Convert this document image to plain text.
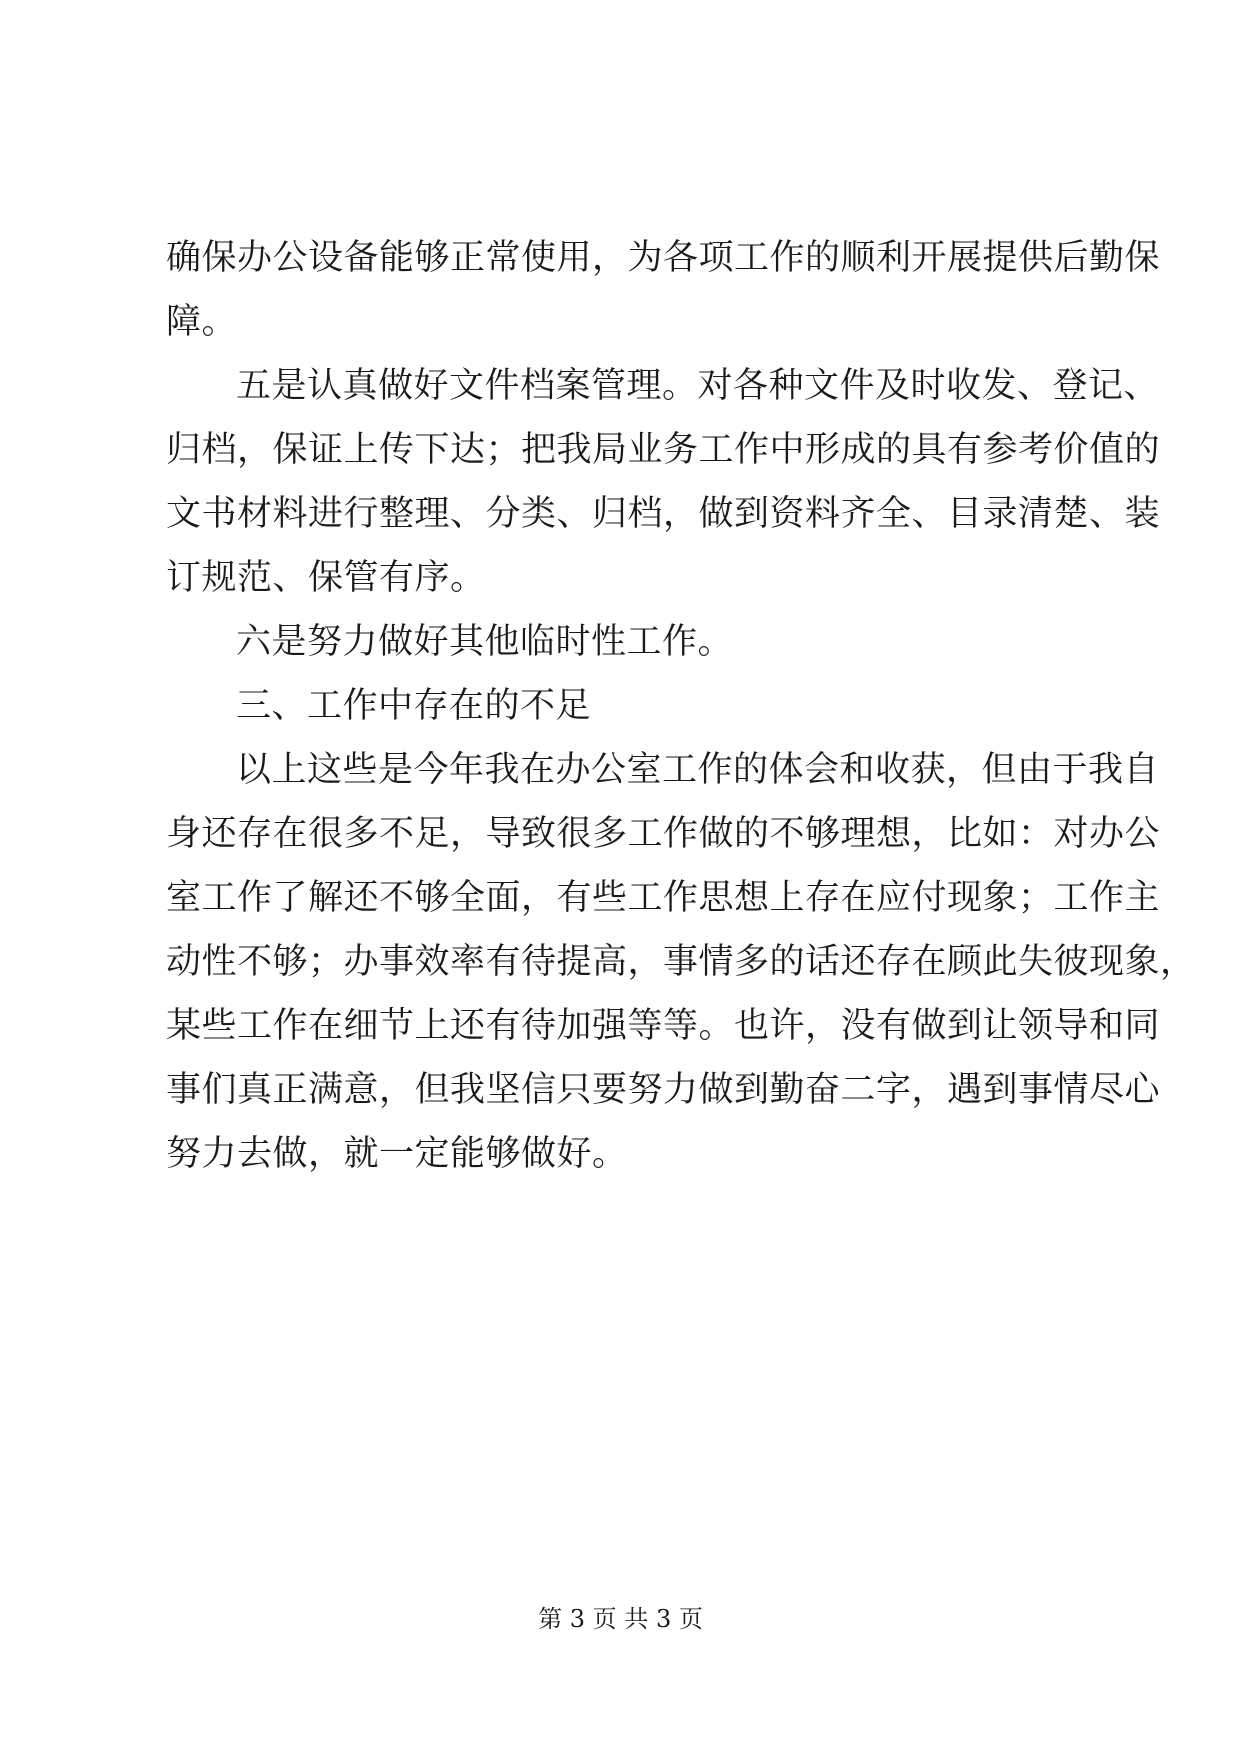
确保办公设备能够正常使用，为各项工作的顺利开展提供后勤保
障。
五是认真做好文件档案管理。对各种文件及时收发、登记、
归档，保证上传下达；把我局业务工作中形成的具有参考价值的
文书材料进行整理、分类、归档，做到资料齐全、目录清楚、装
订规范、保管有序。
六是努力做好其他临时性工作。
三、工作中存在的不足
以上这些是今年我在办公室工作的体会和收获，但由于我自
身还存在很多不足，导致很多工作做的不够理想，比如：对办公
室工作了解还不够全面，有些工作思想上存在应付现象；工作主
动性不够；办事效率有待提高，事情多的话还存在顾此失彼现象，
某些工作在细节上还有待加强等等。也许，没有做到让领导和同
事们真正满意，但我坚信只要努力做到勤奋二字，遇到事情尽心
努力去做，就一定能够做好。
第 3 页 共 3 页
